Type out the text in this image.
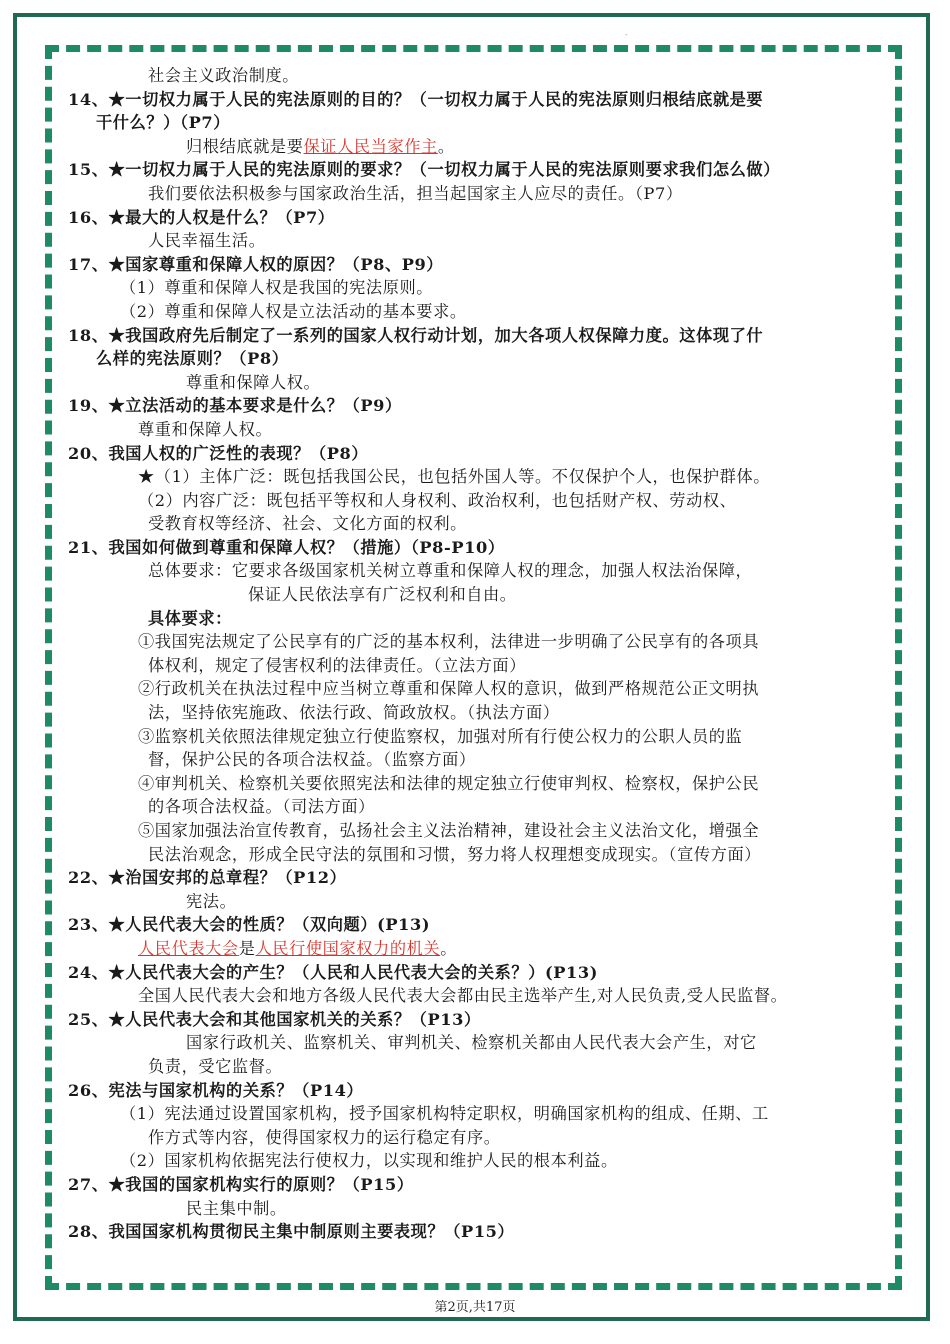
-
社会主义政治制度。
14、★一切权力属于人民的宪法原则的目的？（一切权力属于人民的宪法原则归根结底就是要
干什么？）（P7）
归根结底就是要保证人民当家作主。
15、★一切权力属于人民的宪法原则的要求？（一切权力属于人民的宪法原则要求我们怎么做）
我们要依法积极参与国家政治生活，担当起国家主人应尽的责任。（P7）
16、★最大的人权是什么？（P7）
人民幸福生活。
17、★国家尊重和保障人权的原因？（P8、P9）
（1）尊重和保障人权是我国的宪法原则。
（2）尊重和保障人权是立法活动的基本要求。
18、★我国政府先后制定了一系列的国家人权行动计划，加大各项人权保障力度。这体现了什
么样的宪法原则？（P8）
尊重和保障人权。
19、★立法活动的基本要求是什么？（P9）
尊重和保障人权。
20、我国人权的广泛性的表现？（P8）
★（1）主体广泛：既包括我国公民，也包括外国人等。不仅保护个人，也保护群体。
（2）内容广泛：既包括平等权和人身权利、政治权利，也包括财产权、劳动权、
受教育权等经济、社会、文化方面的权利。
21、我国如何做到尊重和保障人权？（措施）（P8-P10）
总体要求：它要求各级国家机关树立尊重和保障人权的理念，加强人权法治保障，
保证人民依法享有广泛权利和自由。
具体要求：
①我国宪法规定了公民享有的广泛的基本权利，法律进一步明确了公民享有的各项具
体权利，规定了侵害权利的法律责任。（立法方面）
②行政机关在执法过程中应当树立尊重和保障人权的意识，做到严格规范公正文明执
法，坚持依宪施政、依法行政、简政放权。（执法方面）
③监察机关依照法律规定独立行使监察权，加强对所有行使公权力的公职人员的监
督，保护公民的各项合法权益。（监察方面）
④审判机关、检察机关要依照宪法和法律的规定独立行使审判权、检察权，保护公民
的各项合法权益。（司法方面）
⑤国家加强法治宣传教育，弘扬社会主义法治精神，建设社会主义法治文化，增强全
民法治观念，形成全民守法的氛围和习惯，努力将人权理想变成现实。（宣传方面）
22、★治国安邦的总章程？（P12）
宪法。
23、★人民代表大会的性质？（双向题）(P13)
人民代表大会是人民行使国家权力的机关。
24、★人民代表大会的产生？（人民和人民代表大会的关系？）(P13)
全国人民代表大会和地方各级人民代表大会都由民主选举产生,对人民负责,受人民监督。
25、★人民代表大会和其他国家机关的关系？（P13）
国家行政机关、监察机关、审判机关、检察机关都由人民代表大会产生，对它
负责，受它监督。
26、宪法与国家机构的关系？（P14）
（1）宪法通过设置国家机构，授予国家机构特定职权，明确国家机构的组成、任期、工
作方式等内容，使得国家权力的运行稳定有序。
（2）国家机构依据宪法行使权力，以实现和维护人民的根本利益。
27、★我国的国家机构实行的原则？（P15）
民主集中制。
28、我国国家机构贯彻民主集中制原则主要表现？（P15）
第2页,共17页
